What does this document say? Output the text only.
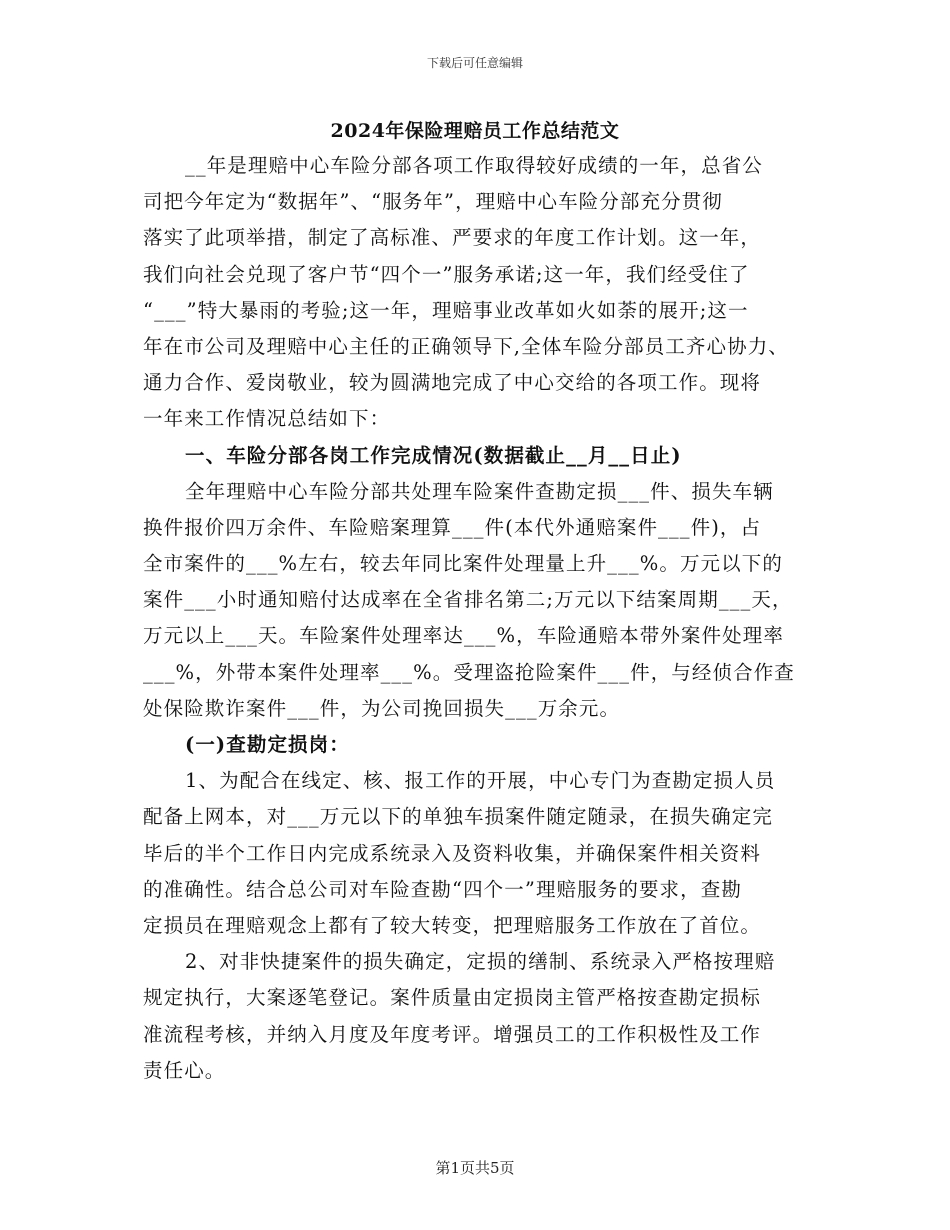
下载后可任意编辑
2024年保险理赔员工作总结范文
__年是理赔中心车险分部各项工作取得较好成绩的一年，总省公
司把今年定为“数据年”、“服务年”，理赔中心车险分部充分贯彻
落实了此项举措，制定了高标准、严要求的年度工作计划。这一年，
我们向社会兑现了客户节“四个一”服务承诺;这一年，我们经受住了
“___”特大暴雨的考验;这一年，理赔事业改革如火如荼的展开;这一
年在市公司及理赔中心主任的正确领导下,全体车险分部员工齐心协力、
通力合作、爱岗敬业，较为圆满地完成了中心交给的各项工作。现将
一年来工作情况总结如下：
一、车险分部各岗工作完成情况(数据截止__月__日止)
全年理赔中心车险分部共处理车险案件查勘定损___件、损失车辆
换件报价四万余件、车险赔案理算___件(本代外通赔案件___件)，占
全市案件的___%左右，较去年同比案件处理量上升___%。万元以下的
案件___小时通知赔付达成率在全省排名第二;万元以下结案周期___天，
万元以上___天。车险案件处理率达___%，车险通赔本带外案件处理率
___%，外带本案件处理率___%。受理盗抢险案件___件，与经侦合作查
处保险欺诈案件___件，为公司挽回损失___万余元。
(一)查勘定损岗：
1、为配合在线定、核、报工作的开展，中心专门为查勘定损人员
配备上网本，对___万元以下的单独车损案件随定随录，在损失确定完
毕后的半个工作日内完成系统录入及资料收集，并确保案件相关资料
的准确性。结合总公司对车险查勘“四个一”理赔服务的要求，查勘
定损员在理赔观念上都有了较大转变，把理赔服务工作放在了首位。
2、对非快捷案件的损失确定，定损的缮制、系统录入严格按理赔
规定执行，大案逐笔登记。案件质量由定损岗主管严格按查勘定损标
准流程考核，并纳入月度及年度考评。增强员工的工作积极性及工作
责任心。
第1页共5页
